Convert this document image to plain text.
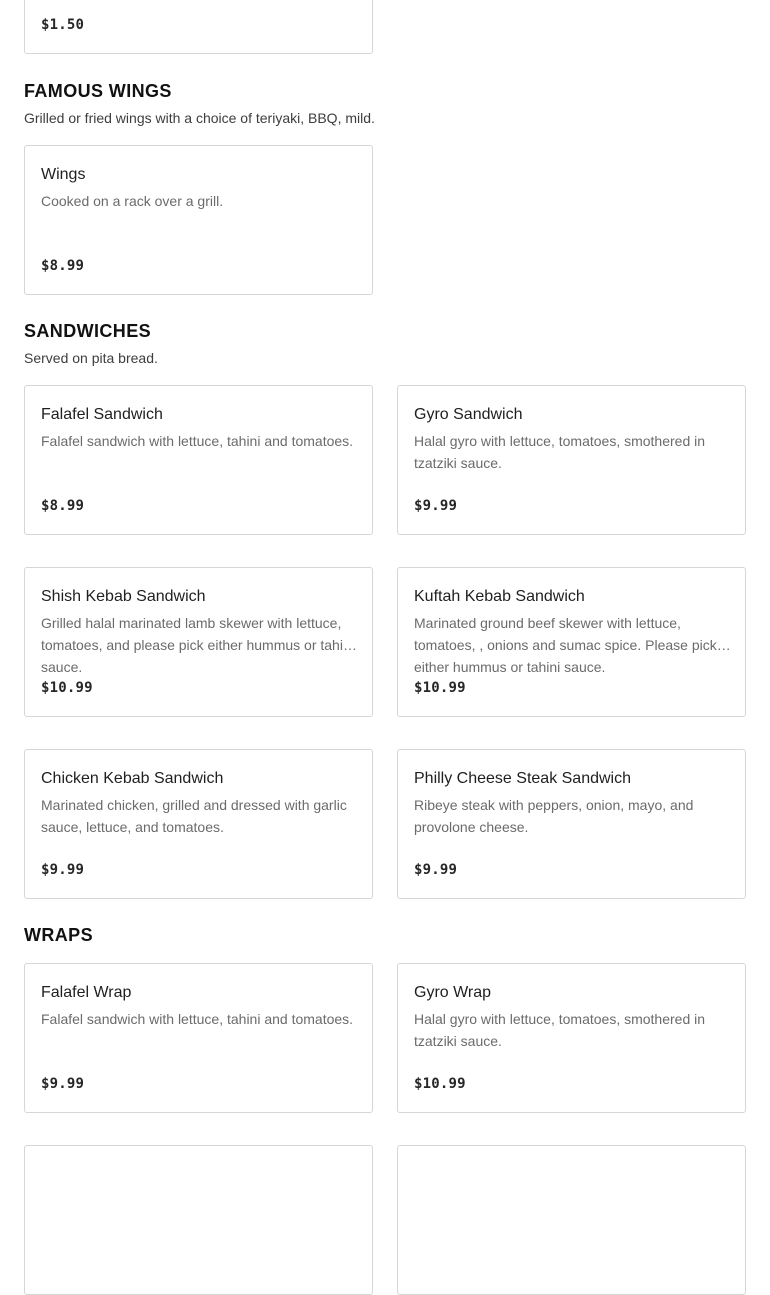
$1.50
FAMOUS WINGS

Grilled or fried wings with a choice of teriyaki, BBQ, mild.

Wings
Cooked on a rack over a grill.
$8.99
SANDWICHES

Served on pita bread.

Falafel Sandwich
Falafel sandwich with lettuce, tahini and tomatoes.
$8.99
Gyro Sandwich
Halal gyro with lettuce, tomatoes, smothered in tzatziki sauce.
$9.99
Shish Kebab Sandwich
Grilled halal marinated lamb skewer with lettuce, tomatoes, and please pick either hummus or tahini sauce.
$10.99
Kuftah Kebab Sandwich
Marinated ground beef skewer with lettuce, tomatoes, , onions and sumac spice. Please pick either hummus or tahini sauce.
$10.99
Chicken Kebab Sandwich
Marinated chicken, grilled and dressed with garlic sauce, lettuce, and tomatoes.
$9.99
Philly Cheese Steak Sandwich
Ribeye steak with peppers, onion, mayo, and provolone cheese.
$9.99
WRAPS
Falafel Wrap
Falafel sandwich with lettuce, tahini and tomatoes.
$9.99
Gyro Wrap
Halal gyro with lettuce, tomatoes, smothered in tzatziki sauce.
$10.99
